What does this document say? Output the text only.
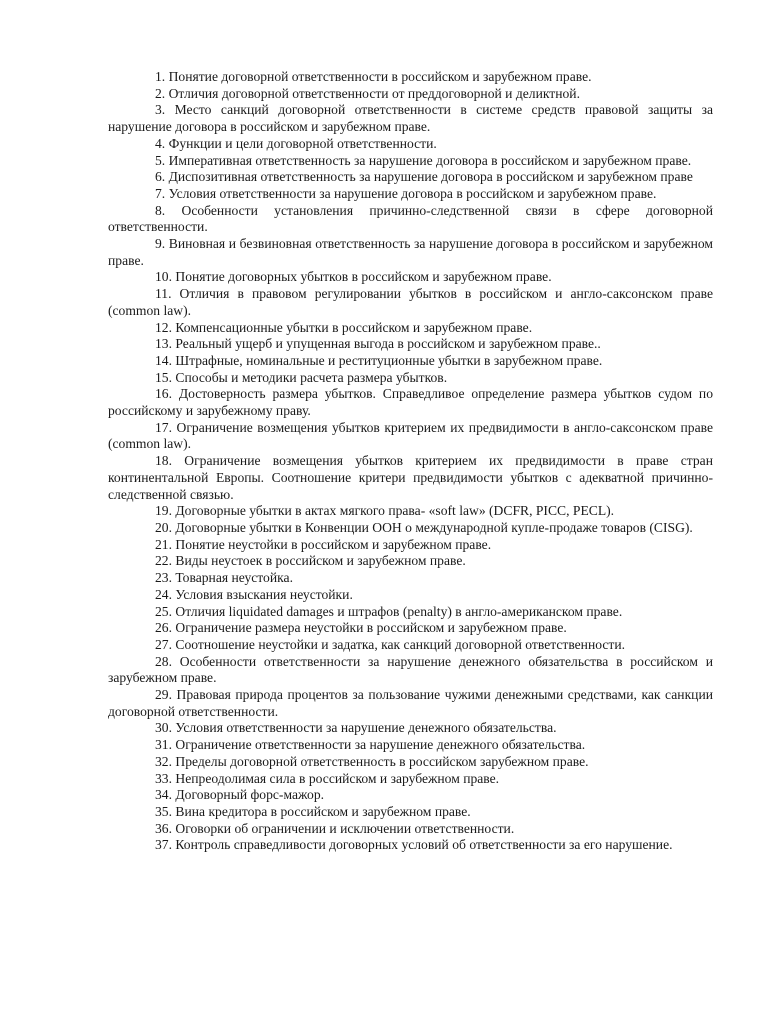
1. Понятие договорной ответственности в российском и зарубежном праве.

2. Отличия договорной ответственности от преддоговорной и деликтной.

3. Место санкций договорной ответственности в системе средств правовой защиты за нарушение договора в российском и зарубежном праве.

4. Функции и цели договорной ответственности.

5. Императивная ответственность за нарушение договора в российском и зарубежном праве.

6. Диспозитивная ответственность за нарушение договора в российском и зарубежном праве

7. Условия ответственности за нарушение договора в российском и зарубежном праве.

8. Особенности установления причинно-следственной связи в сфере договорной ответственности.

9. Виновная и безвиновная ответственность за нарушение договора в российском и зарубежном праве.

10. Понятие договорных убытков в российском и зарубежном праве.

11. Отличия в правовом регулировании убытков в российском и англо-саксонском праве (common law).

12. Компенсационные убытки в российском и зарубежном праве.

13. Реальный ущерб и упущенная выгода в российском и зарубежном праве..

14. Штрафные, номинальные и реституционные убытки в зарубежном праве.

15. Способы и методики расчета размера убытков.

16. Достоверность размера убытков. Справедливое определение размера убытков судом по российскому и зарубежному праву.

17. Ограничение возмещения убытков критерием их предвидимости в англо-саксонском праве (common law).

18. Ограничение возмещения убытков критерием их предвидимости в праве стран континентальной Европы. Соотношение критери предвидимости убытков с адекватной причинно-следственной связью.

19. Договорные убытки в актах мягкого права- «soft law» (DCFR, PICC, PECL).

20. Договорные убытки в Конвенции ООН о международной купле-продаже товаров (CISG).

21. Понятие неустойки в российском и зарубежном праве.

22. Виды неустоек в российском и зарубежном праве.

23. Товарная неустойка.

24. Условия взыскания неустойки.

25. Отличия liquidated damages и штрафов (penalty) в англо-американском праве.

26. Ограничение размера неустойки в российском и зарубежном праве.

27. Соотношение неустойки и задатка, как санкций договорной ответственности.

28. Особенности ответственности за нарушение денежного обязательства в российском и зарубежном праве.

29. Правовая природа процентов за пользование чужими денежными средствами, как санкции договорной ответственности.

30. Условия ответственности за нарушение денежного обязательства.

31. Ограничение ответственности за нарушение денежного обязательства.

32. Пределы договорной ответственность в российском зарубежном праве.

33. Непреодолимая сила в российском и зарубежном праве.

34. Договорный форс-мажор.

35. Вина кредитора в российском и зарубежном праве.

36. Оговорки об ограничении и исключении ответственности.

37. Контроль справедливости договорных условий об ответственности за его нарушение.
